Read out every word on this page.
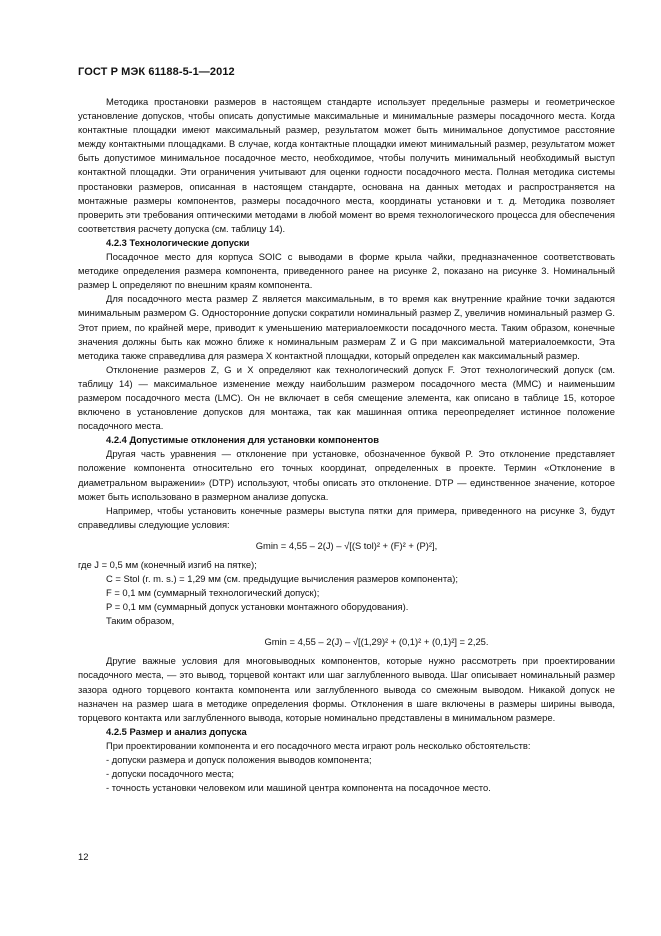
ГОСТ Р МЭК 61188-5-1—2012

Методика простановки размеров в настоящем стандарте использует предельные размеры и геометрическое установление допусков, чтобы описать допустимые максимальные и минимальные размеры посадочного места. Когда контактные площадки имеют максимальный размер, результатом может быть минимальное допустимое расстояние между контактными площадками. В случае, когда контактные площадки имеют минимальный размер, результатом может быть допустимое минимальное посадочное место, необходимое, чтобы получить минимальный необходимый выступ контактной площадки. Эти ограничения учитывают для оценки годности посадочного места. Полная методика системы простановки размеров, описанная в настоящем стандарте, основана на данных методах и распространяется на монтажные размеры компонентов, размеры посадочного места, координаты установки и т. д. Методика позволяет проверить эти требования оптическими методами в любой момент во время технологического процесса для обеспечения соответствия расчету допуска (см. таблицу 14).

4.2.3 Технологические допуски

Посадочное место для корпуса SOIC с выводами в форме крыла чайки, предназначенное соответствовать методике определения размера компонента, приведенного ранее на рисунке 2, показано на рисунке 3. Номинальный размер L определяют по внешним краям компонента.

Для посадочного места размер Z является максимальным, в то время как внутренние крайние точки задаются минимальным размером G. Односторонние допуски сократили номинальный размер Z, увеличив номинальный размер G. Этот прием, по крайней мере, приводит к уменьшению материалоемкости посадочного места. Таким образом, конечные значения должны быть как можно ближе к номинальным размерам Z и G при максимальной материалоемкости, Эта методика также справедлива для размера X контактной площадки, который определен как максимальный размер.

Отклонение размеров Z, G и X определяют как технологический допуск F. Этот технологический допуск (см. таблицу 14) — максимальное изменение между наибольшим размером посадочного места (MMC) и наименьшим размером посадочного места (LMC). Он не включает в себя смещение элемента, как описано в таблице 15, которое включено в установление допусков для монтажа, так как машинная оптика переопределяет истинное положение посадочного места.

4.2.4 Допустимые отклонения для установки компонентов

Другая часть уравнения — отклонение при установке, обозначенное буквой P. Это отклонение представляет положение компонента относительно его точных координат, определенных в проекте. Термин «Отклонение в диаметральном выражении» (DTP) используют, чтобы описать это отклонение. DTP — единственное значение, которое может быть использовано в размерном анализе допуска.

Например, чтобы установить конечные размеры выступа пятки для примера, приведенного на рисунке 3, будут справедливы следующие условия:

Gmin = 4,55 – 2(J) – √[(S tol)² + (F)² + (P)²],

где J = 0,5 мм (конечный изгиб на пятке);

C = Stol (r. m. s.) = 1,29 мм (см. предыдущие вычисления размеров компонента);

F = 0,1 мм (суммарный технологический допуск);

P = 0,1 мм (суммарный допуск установки монтажного оборудования).

Таким образом,

Gmin = 4,55 – 2(J) – √[(1,29)² + (0,1)² + (0,1)²] = 2,25.

Другие важные условия для многовыводных компонентов, которые нужно рассмотреть при проектировании посадочного места, — это вывод, торцевой контакт или шаг заглубленного вывода. Шаг описывает номинальный размер зазора одного торцевого контакта компонента или заглубленного вывода со смежным выводом. Никакой допуск не назначен на размер шага в методике определения формы. Отклонения в шаге включены в размеры ширины вывода, торцевого контакта или заглубленного вывода, которые номинально представлены в минимальном размере.

4.2.5 Размер и анализ допуска

При проектировании компонента и его посадочного места играют роль несколько обстоятельств:

- допуски размера и допуск положения выводов компонента;

- допуски посадочного места;

- точность установки человеком или машиной центра компонента на посадочное место.

12
